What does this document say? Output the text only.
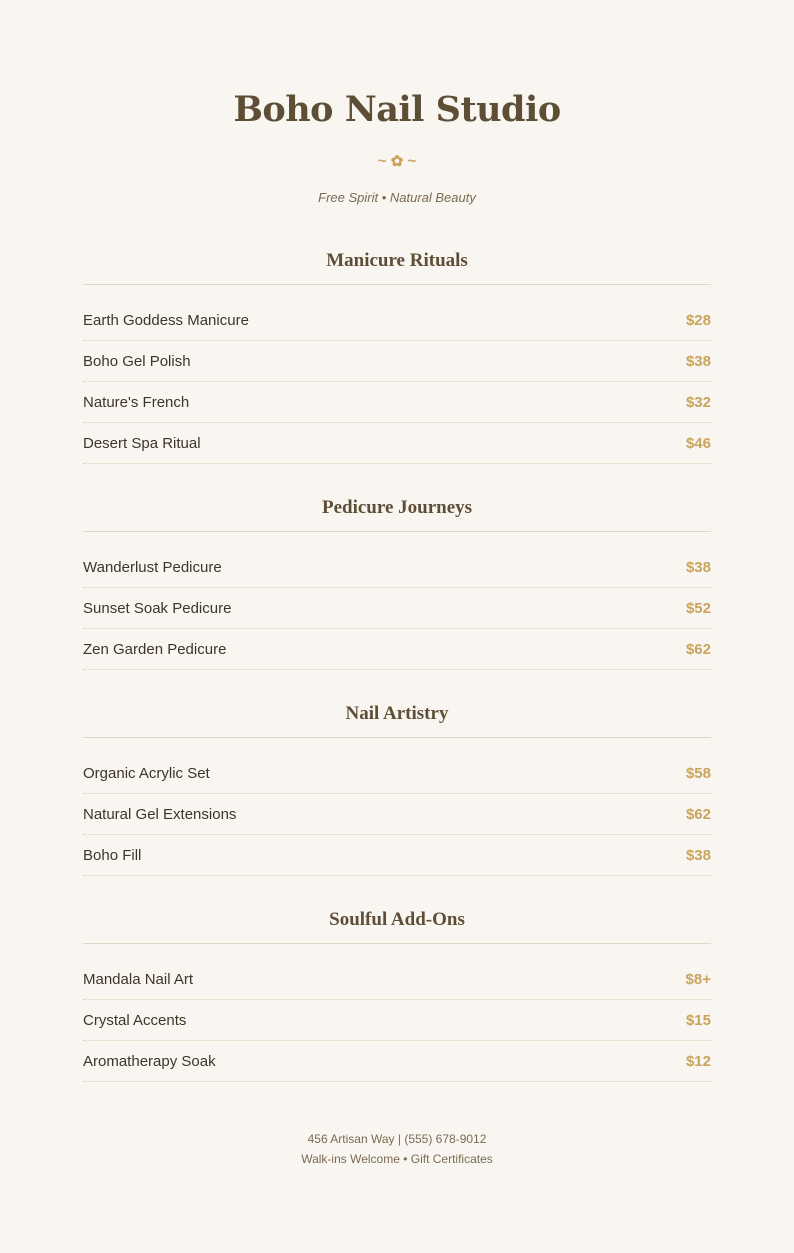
Boho Nail Studio
~ ✿ ~
Free Spirit • Natural Beauty
Manicure Rituals
Earth Goddess Manicure	$28
Boho Gel Polish	$38
Nature's French	$32
Desert Spa Ritual	$46
Pedicure Journeys
Wanderlust Pedicure	$38
Sunset Soak Pedicure	$52
Zen Garden Pedicure	$62
Nail Artistry
Organic Acrylic Set	$58
Natural Gel Extensions	$62
Boho Fill	$38
Soulful Add-Ons
Mandala Nail Art	$8+
Crystal Accents	$15
Aromatherapy Soak	$12
456 Artisan Way | (555) 678-9012
Walk-ins Welcome • Gift Certificates
